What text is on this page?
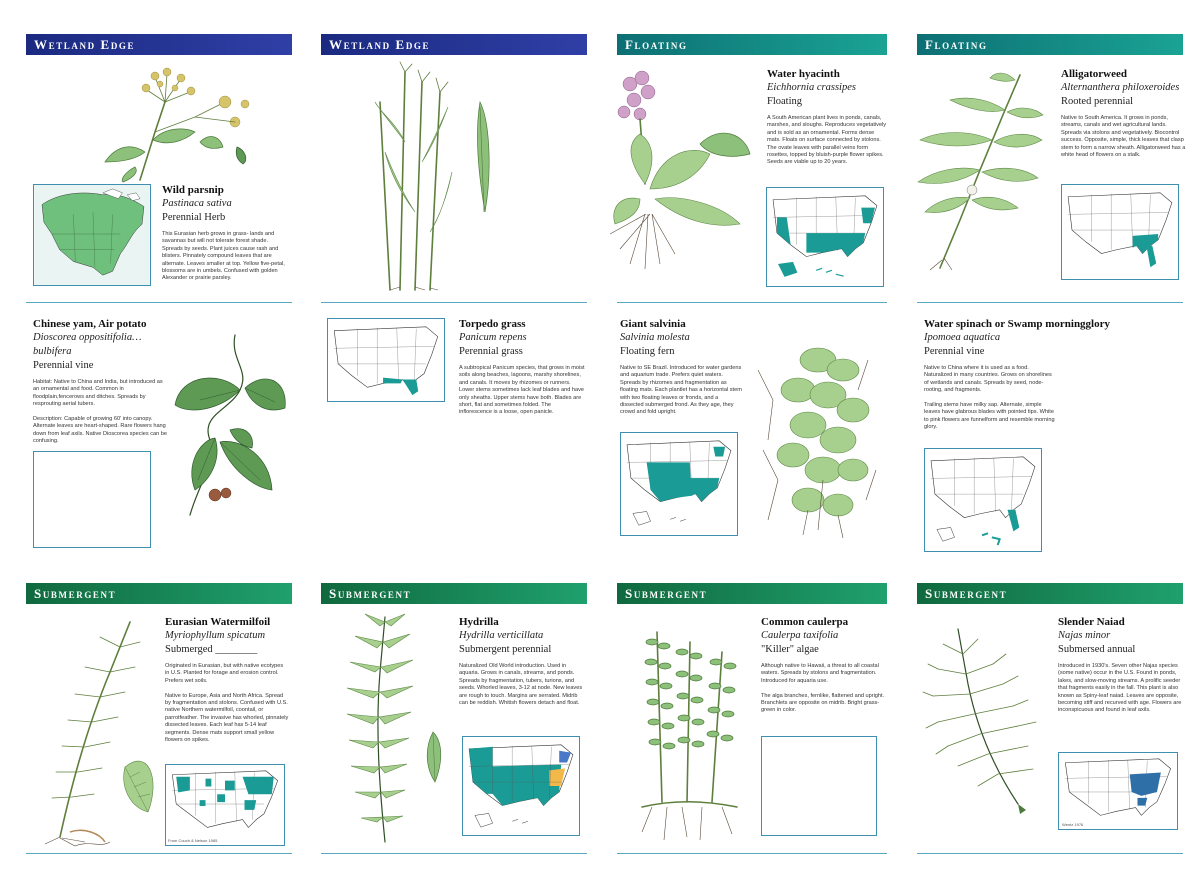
Wetland Edge	Wetland Edge	Floating	Floating
Submergent	Submergent	Submergent	Submergent
Wild parsnip
Pastinaca sativa
Perennial Herb
This Eurasian herb grows in grass- lands and savannas but will not tolerate forest shade. Spreads by seeds. Plant juices cause rash and blisters. Pinnately compound leaves that are alternate. Leaves smaller at top. Yellow five-petal, blossoms are in umbels. Confused with golden Alexander or prairie parsley.
Chinese yam, Air potato
Dioscorea oppositifolia…bulbifera
Perennial vine
Habitat: Native to China and India, but introduced as an ornamental and food. Common in floodplain,fencerows and ditches. Spreads by resprouting aerial tubers.

Description: Capable of growing 60' into canopy. Alternate leaves are heart-shaped. Rare flowers hang down from leaf axils. Native Dioscorea species can be confusing.
Torpedo grass
Panicum repens
Perennial grass
A subtropical Panicum species, that grows in moist soils along beaches, lagoons, marshy shorelines, and canals. It moves by rhizomes or runners. Lower stems sometimes lack leaf blades and have only sheaths. Upper stems have both. Blades are short, flat and sometimes folded. The inflorescence is a loose, open panicle.
Water hyacinth
Eichhornia crassipes
Floating
A South American plant lives in ponds, canals, marshes, and sloughs. Reproduces vegetatively and is sold as an ornamental. Forms dense mats. Floats on surface connected by stolons. The ovate leaves with parallel veins form rosettes, topped by bluish-purple flower spikes. Seeds are viable up to 20 years.
Giant salvinia
Salvinia molesta
Floating fern
Native to SE Brazil. Introduced for water gardens and aquarium trade. Prefers quiet waters. Spreads by rhizomes and fragmentation as floating mats. Each plantlet has a horizontal stem with two floating leaves or fronds, and a dissected submerged frond. As they age, they crowd and fold upright.
Alligatorweed
Alternanthera philoxeroides
Rooted perennial
Native to South America. It grows in ponds, streams, canals and wet agricultural lands. Spreads via stolons and vegetatively. Biocontrol success. Opposite, simple, thick leaves that clasp stem to form a narrow sheath. Alligatorweed has a white head of flowers on a stalk.
Water spinach or Swamp morningglory
Ipomoea aquatica
Perennial vine
Native to China where it is used as a food. Naturalized in many countries. Grows on shorelines of wetlands and canals. Spreads by seed, node-rooting, and fragments.

Trailing stems have milky sap. Alternate, simple leaves have glabrous blades with pointed tips. White to pink flowers are funnelform and resemble morning glory.
Eurasian Watermilfoil
Myriophyllum spicatum
Submerged ________
Originated in Eurasian, but with native ecotypes in U.S. Planted for forage and erosion control. Prefers wet soils.

Native to Europe, Asia and North Africa. Spread by fragmentation and stolons. Confused with U.S. native Northern watermilfoil, coontail, or parrotfeather. The invasive has whorled, pinnately dissected leaves. Each leaf has 5-14 leaf segments. Dense mats support small yellow flowers on spikes.
From Couch & Nelson 1985
Hydrilla
Hydrilla verticillata
Submergent perennial
Naturalized Old World introduction. Used in aquaria. Grows in canals, streams, and ponds. Spreads by fragmentation, tubers, turions, and seeds. Whorled leaves, 3-12 at node. New leaves are rough to touch. Margins are serrated. Midrib can be reddish. Whitish flowers detach and float.
Common caulerpa
Caulerpa taxifolia
"Killer" algae
Although native to Hawaii, a threat to all coastal waters. Spreads by stolons and fragmentation. Introduced for aquaria use.

The alga branches, fernlike, flattened and upright. Branchlets are opposite on midrib. Bright grass-green in color.
Slender Naiad
Najas minor
Submersed annual
Introduced in 1930's. Seven other Najas species (some native) occur in the U.S. Found in ponds, lakes, and slow-moving streams. A prolific seeder that fragments easily in the fall. This plant is also known as Spiny-leaf naiad. Leaves are opposite, becoming stiff and recurved with age. Flowers are inconspicuous and found in leaf axils.
Wentz 1976
